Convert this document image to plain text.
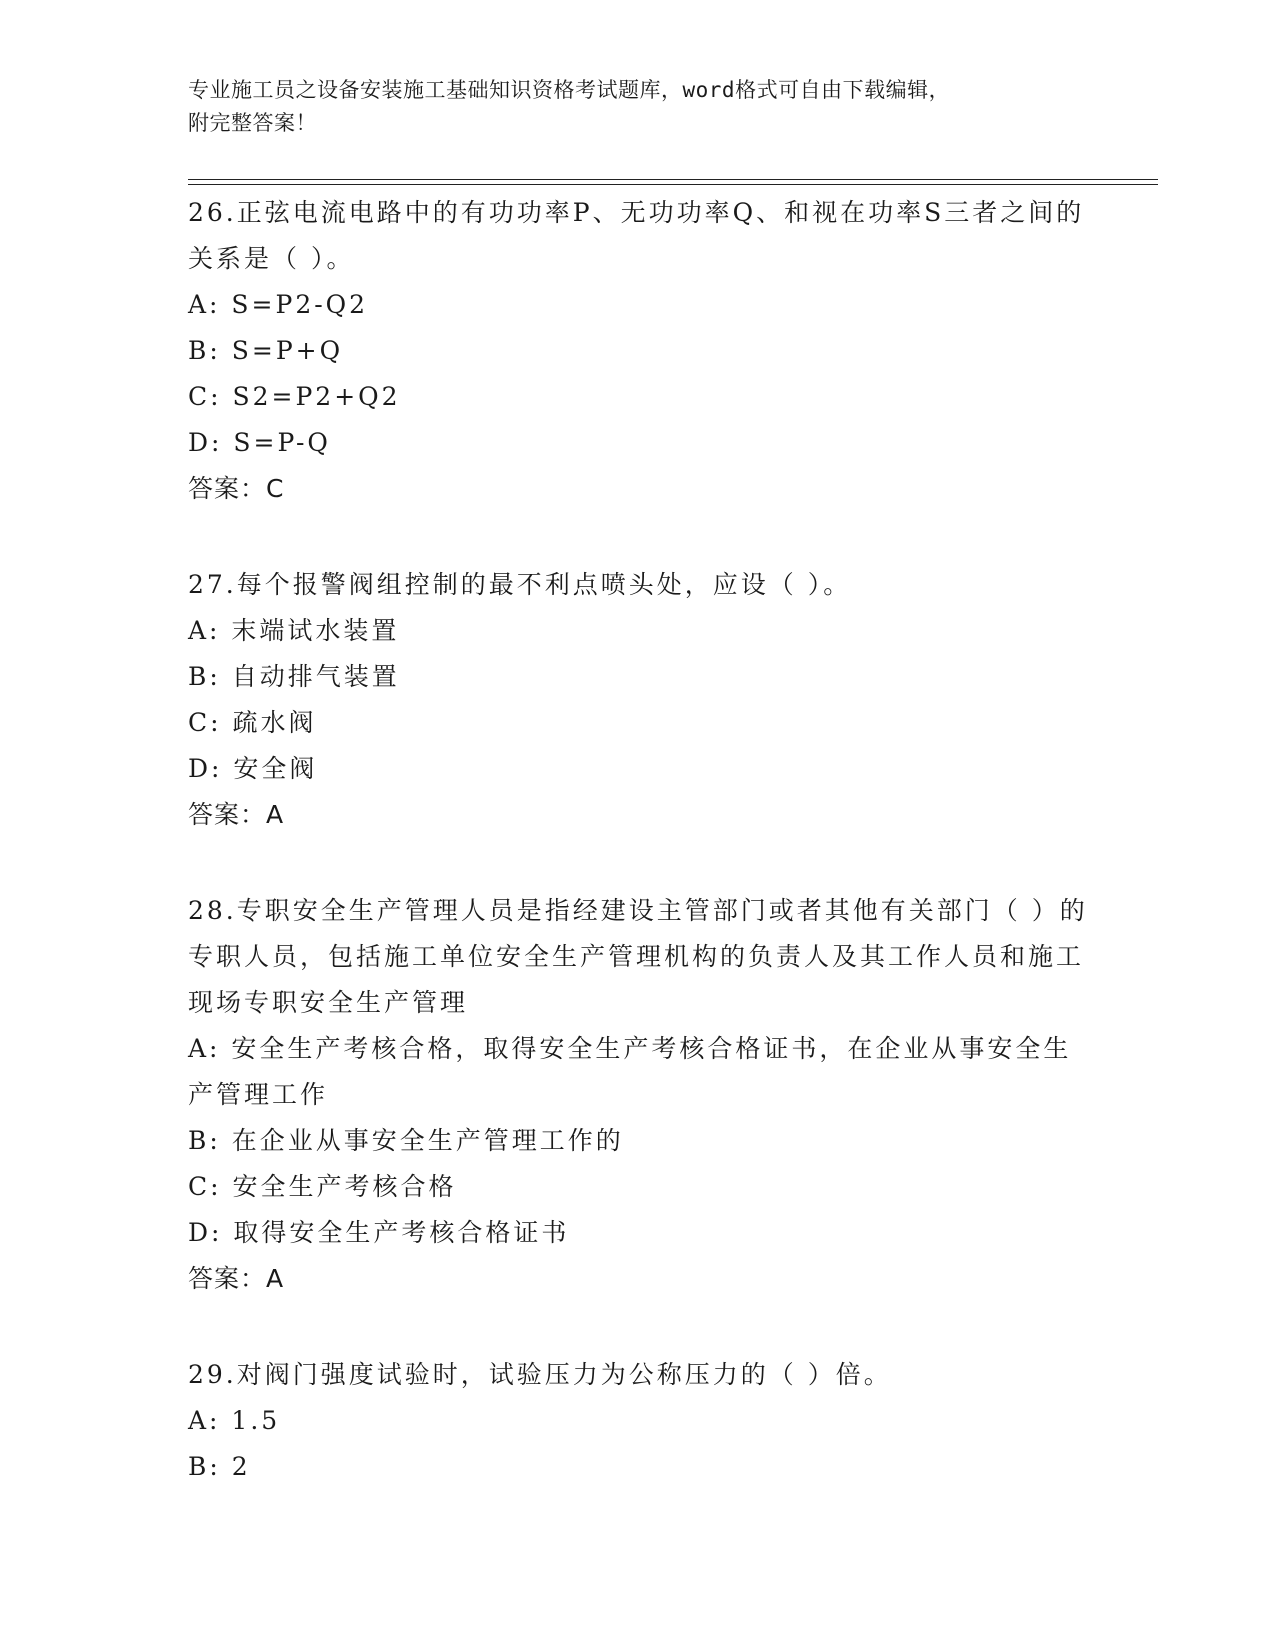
专业施工员之设备安装施工基础知识资格考试题库，word格式可自由下载编辑，
附完整答案！
26.正弦电流电路中的有功功率P、无功功率Q、和视在功率S三者之间的关系是（ ）。
A: S=P2-Q2
B: S=P+Q
C: S2=P2+Q2
D: S=P-Q
答案：C
27.每个报警阀组控制的最不利点喷头处，应设（ ）。
A: 末端试水装置
B: 自动排气装置
C: 疏水阀
D: 安全阀
答案：A
28.专职安全生产管理人员是指经建设主管部门或者其他有关部门（ ）的专职人员，包括施工单位安全生产管理机构的负责人及其工作人员和施工现场专职安全生产管理
A: 安全生产考核合格，取得安全生产考核合格证书，在企业从事安全生产管理工作
B: 在企业从事安全生产管理工作的
C: 安全生产考核合格
D: 取得安全生产考核合格证书
答案：A
29.对阀门强度试验时，试验压力为公称压力的（ ）倍。
A: 1.5
B: 2
